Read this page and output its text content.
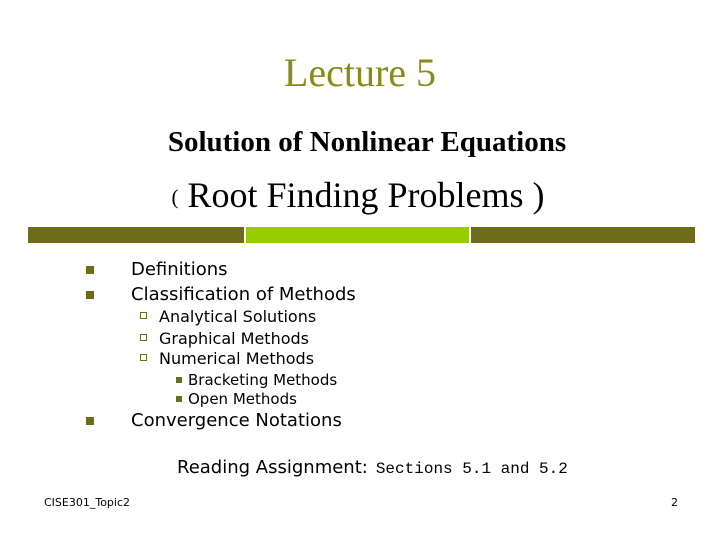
Lecture 5
Solution of Nonlinear Equations
( Root Finding Problems )
Definitions
Classification of Methods
Analytical Solutions
Graphical Methods
Numerical Methods
Bracketing Methods
Open Methods
Convergence Notations
Reading Assignment: Sections 5.1 and 5.2
CISE301_Topic2	2
